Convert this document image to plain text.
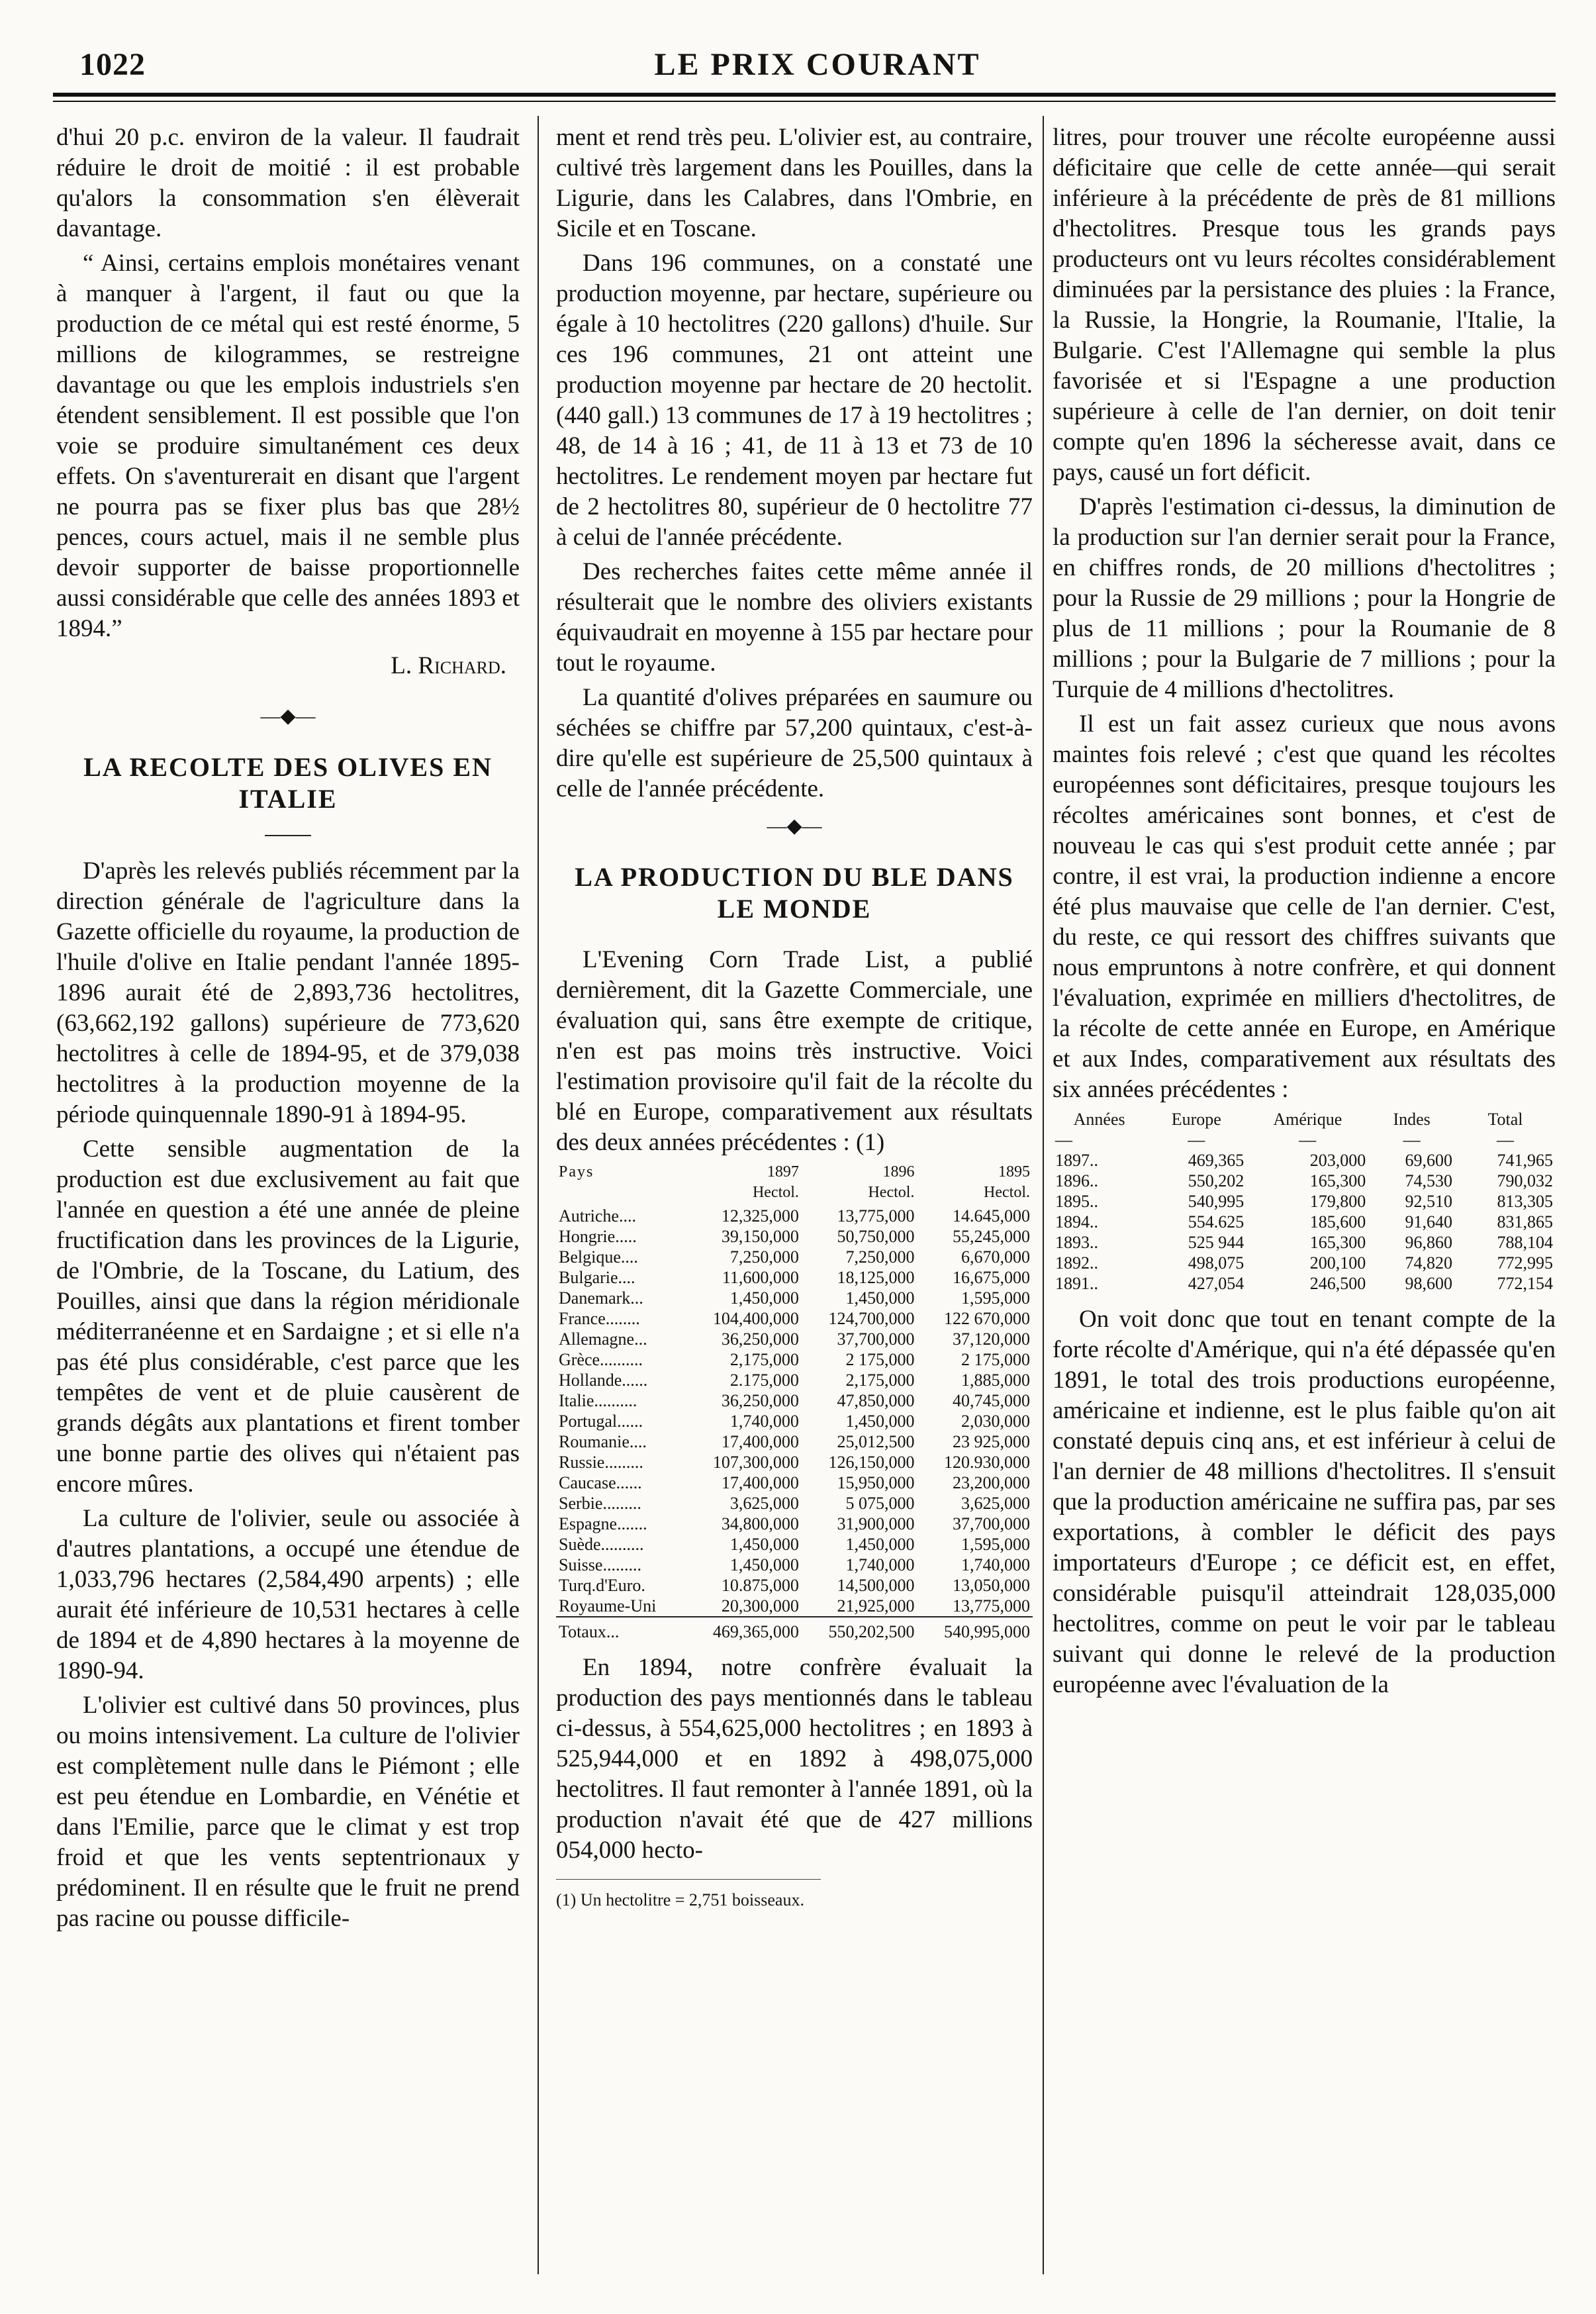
1022	LE PRIX COURANT

d'hui 20 p.c. environ de la valeur. Il faudrait réduire le droit de moitié : il est probable qu'alors la consommation s'en élèverait davantage.

“ Ainsi, certains emplois monétaires venant à manquer à l'argent, il faut ou que la production de ce métal qui est resté énorme, 5 millions de kilogrammes, se restreigne davantage ou que les emplois industriels s'en étendent sensiblement. Il est possible que l'on voie se produire simultanément ces deux effets. On s'aventurerait en disant que l'argent ne pourra pas se fixer plus bas que 28½ pences, cours actuel, mais il ne semble plus devoir supporter de baisse proportionnelle aussi considérable que celle des années 1893 et 1894.”

L. Richard.
—◆—
LA RECOLTE DES OLIVES EN ITALIE

D'après les relevés publiés récemment par la direction générale de l'agriculture dans la Gazette officielle du royaume, la production de l'huile d'olive en Italie pendant l'année 1895-1896 aurait été de 2,893,736 hectolitres, (63,662,192 gallons) supérieure de 773,620 hectolitres à celle de 1894-95, et de 379,038 hectolitres à la production moyenne de la période quinquennale 1890-91 à 1894-95.

Cette sensible augmentation de la production est due exclusivement au fait que l'année en question a été une année de pleine fructification dans les provinces de la Ligurie, de l'Ombrie, de la Toscane, du Latium, des Pouilles, ainsi que dans la région méridionale méditerranéenne et en Sardaigne ; et si elle n'a pas été plus considérable, c'est parce que les tempêtes de vent et de pluie causèrent de grands dégâts aux plantations et firent tomber une bonne partie des olives qui n'étaient pas encore mûres.

La culture de l'olivier, seule ou associée à d'autres plantations, a occupé une étendue de 1,033,796 hectares (2,584,490 arpents) ; elle aurait été inférieure de 10,531 hectares à celle de 1894 et de 4,890 hectares à la moyenne de 1890-94.

L'olivier est cultivé dans 50 provinces, plus ou moins intensivement. La culture de l'olivier est complètement nulle dans le Piémont ; elle est peu étendue en Lombardie, en Vénétie et dans l'Emilie, parce que le climat y est trop froid et que les vents septentrionaux y prédominent. Il en résulte que le fruit ne prend pas racine ou pousse difficile-

ment et rend très peu. L'olivier est, au contraire, cultivé très largement dans les Pouilles, dans la Ligurie, dans les Calabres, dans l'Ombrie, en Sicile et en Toscane.

Dans 196 communes, on a constaté une production moyenne, par hectare, supérieure ou égale à 10 hectolitres (220 gallons) d'huile. Sur ces 196 communes, 21 ont atteint une production moyenne par hectare de 20 hectolit. (440 gall.) 13 communes de 17 à 19 hectolitres ; 48, de 14 à 16 ; 41, de 11 à 13 et 73 de 10 hectolitres. Le rendement moyen par hectare fut de 2 hectolitres 80, supérieur de 0 hectolitre 77 à celui de l'année précédente.

Des recherches faites cette même année il résulterait que le nombre des oliviers existants équivaudrait en moyenne à 155 par hectare pour tout le royaume.

La quantité d'olives préparées en saumure ou séchées se chiffre par 57,200 quintaux, c'est-à-dire qu'elle est supérieure de 25,500 quintaux à celle de l'année précédente.

—◆—
LA PRODUCTION DU BLE DANS LE MONDE

L'Evening Corn Trade List, a publié dernièrement, dit la Gazette Commerciale, une évaluation qui, sans être exempte de critique, n'en est pas moins très instructive. Voici l'estimation provisoire qu'il fait de la récolte du blé en Europe, comparativement aux résultats des deux années précédentes : (1)

Pays	1897	1896	1895
	Hectol.	Hectol.	Hectol.
Autriche....	12,325,000	13,775,000	14.645,000
Hongrie.....	39,150,000	50,750,000	55,245,000
Belgique....	7,250,000	7,250,000	6,670,000
Bulgarie....	11,600,000	18,125,000	16,675,000
Danemark...	1,450,000	1,450,000	1,595,000
France........	104,400,000	124,700,000	122 670,000
Allemagne...	36,250,000	37,700,000	37,120,000
Grèce..........	2,175,000	2 175,000	2 175,000
Hollande......	2.175,000	2,175,000	1,885,000
Italie..........	36,250,000	47,850,000	40,745,000
Portugal......	1,740,000	1,450,000	2,030,000
Roumanie....	17,400,000	25,012,500	23 925,000
Russie.........	107,300,000	126,150,000	120.930,000
Caucase......	17,400,000	15,950,000	23,200,000
Serbie.........	3,625,000	5 075,000	3,625,000
Espagne.......	34,800,000	31,900,000	37,700,000
Suède..........	1,450,000	1,450,000	1,595,000
Suisse.........	1,450,000	1,740,000	1,740,000
Turq.d'Euro.	10.875,000	14,500,000	13,050,000
Royaume-Uni	20,300,000	21,925,000	13,775,000
Totaux...	469,365,000	550,202,500	540,995,000

En 1894, notre confrère évaluait la production des pays mentionnés dans le tableau ci-dessus, à 554,625,000 hectolitres ; en 1893 à 525,944,000 et en 1892 à 498,075,000 hectolitres. Il faut remonter à l'année 1891, où la production n'avait été que de 427 millions 054,000 hecto-

(1) Un hectolitre = 2,751 boisseaux.

litres, pour trouver une récolte européenne aussi déficitaire que celle de cette année—qui serait inférieure à la précédente de près de 81 millions d'hectolitres. Presque tous les grands pays producteurs ont vu leurs récoltes considérablement diminuées par la persistance des pluies : la France, la Russie, la Hongrie, la Roumanie, l'Italie, la Bulgarie. C'est l'Allemagne qui semble la plus favorisée et si l'Espagne a une production supérieure à celle de l'an dernier, on doit tenir compte qu'en 1896 la sécheresse avait, dans ce pays, causé un fort déficit.

D'après l'estimation ci-dessus, la diminution de la production sur l'an dernier serait pour la France, en chiffres ronds, de 20 millions d'hectolitres ; pour la Russie de 29 millions ; pour la Hongrie de plus de 11 millions ; pour la Roumanie de 8 millions ; pour la Bulgarie de 7 millions ; pour la Turquie de 4 millions d'hectolitres.

Il est un fait assez curieux que nous avons maintes fois relevé ; c'est que quand les récoltes européennes sont déficitaires, presque toujours les récoltes américaines sont bonnes, et c'est de nouveau le cas qui s'est produit cette année ; par contre, il est vrai, la production indienne a encore été plus mauvaise que celle de l'an dernier. C'est, du reste, ce qui ressort des chiffres suivants que nous empruntons à notre confrère, et qui donnent l'évaluation, exprimée en milliers d'hectolitres, de la récolte de cette année en Europe, en Amérique et aux Indes, comparativement aux résultats des six années précédentes :

Années	Europe	Amérique	Indes	Total
—	—	—	—	—
1897..	469,365	203,000	69,600	741,965
1896..	550,202	165,300	74,530	790,032
1895..	540,995	179,800	92,510	813,305
1894..	554.625	185,600	91,640	831,865
1893..	525 944	165,300	96,860	788,104
1892..	498,075	200,100	74,820	772,995
1891..	427,054	246,500	98,600	772,154

On voit donc que tout en tenant compte de la forte récolte d'Amérique, qui n'a été dépassée qu'en 1891, le total des trois productions européenne, américaine et indienne, est le plus faible qu'on ait constaté depuis cinq ans, et est inférieur à celui de l'an dernier de 48 millions d'hectolitres. Il s'ensuit que la production américaine ne suffira pas, par ses exportations, à combler le déficit des pays importateurs d'Europe ; ce déficit est, en effet, considérable puisqu'il atteindrait 128,035,000 hectolitres, comme on peut le voir par le tableau suivant qui donne le relevé de la production européenne avec l'évaluation de la
